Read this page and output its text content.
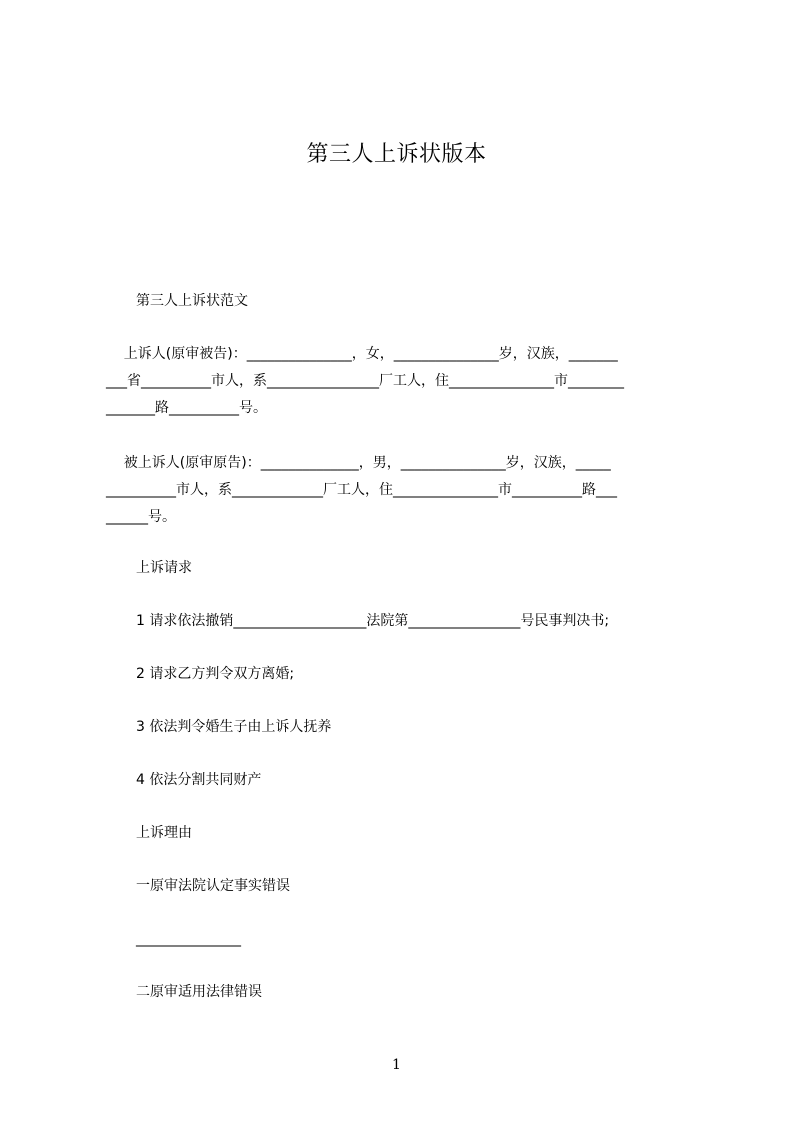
第三人上诉状版本
第三人上诉状范文
上诉人(原审被告)：_______________，女，_______________岁，汉族，_______
___省__________市人，系________________厂工人，住_______________市________
_______路__________号。
被上诉人(原审原告)：______________，男，_______________岁，汉族，_____
__________市人，系_____________厂工人，住_______________市__________路___
______号。
上诉请求
1 请求依法撤销___________________法院第________________号民事判决书;
2 请求乙方判令双方离婚;
3 依法判令婚生子由上诉人抚养
4 依法分割共同财产
上诉理由
一原审法院认定事实错误
_______________
二原审适用法律错误
1
